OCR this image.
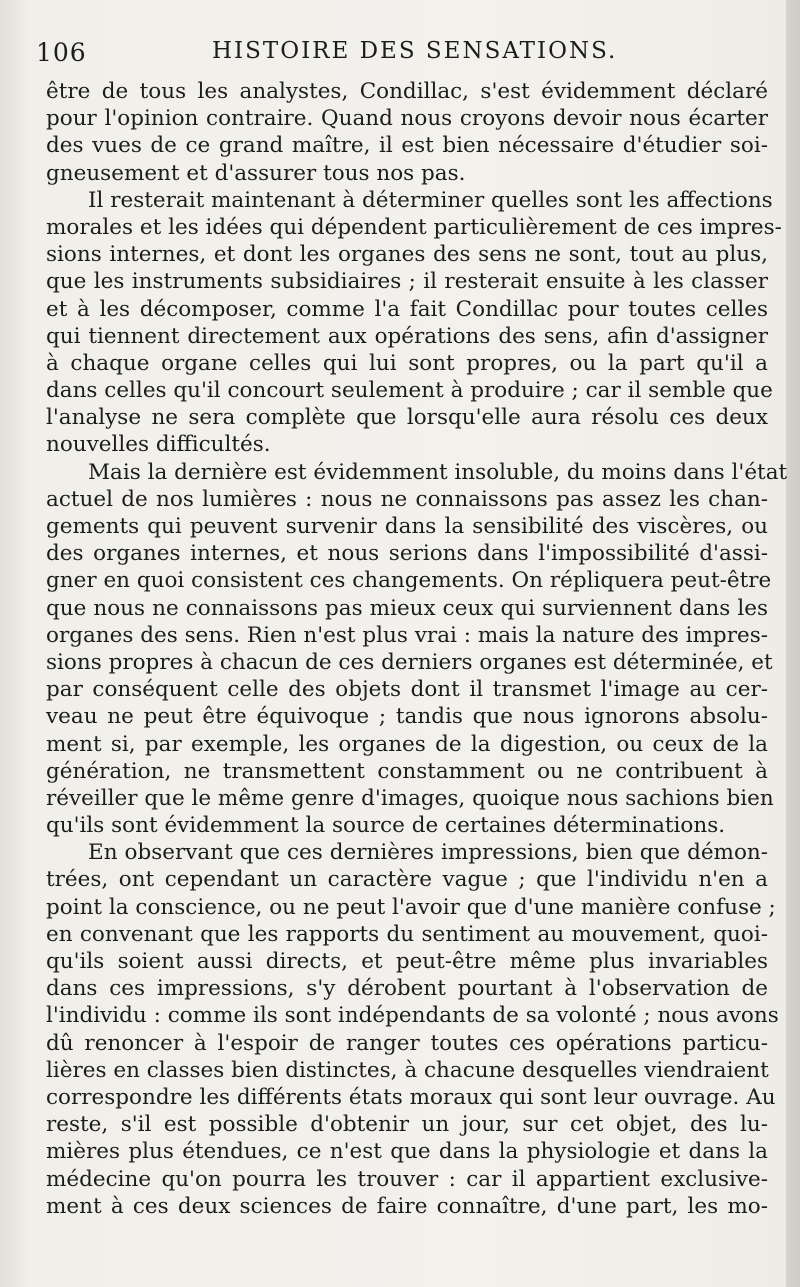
106	HISTOIRE DES SENSATIONS.
être de tous les analystes, Condillac, s'est évidemment déclaré
pour l'opinion contraire. Quand nous croyons devoir nous écarter
des vues de ce grand maître, il est bien nécessaire d'étudier soi-
gneusement et d'assurer tous nos pas.
Il resterait maintenant à déterminer quelles sont les affections
morales et les idées qui dépendent particulièrement de ces impres-
sions internes, et dont les organes des sens ne sont, tout au plus,
que les instruments subsidiaires ; il resterait ensuite à les classer
et à les décomposer, comme l'a fait Condillac pour toutes celles
qui tiennent directement aux opérations des sens, afin d'assigner
à chaque organe celles qui lui sont propres, ou la part qu'il a
dans celles qu'il concourt seulement à produire ; car il semble que
l'analyse ne sera complète que lorsqu'elle aura résolu ces deux
nouvelles difficultés.
Mais la dernière est évidemment insoluble, du moins dans l'état
actuel de nos lumières : nous ne connaissons pas assez les chan-
gements qui peuvent survenir dans la sensibilité des viscères, ou
des organes internes, et nous serions dans l'impossibilité d'assi-
gner en quoi consistent ces changements. On répliquera peut-être
que nous ne connaissons pas mieux ceux qui surviennent dans les
organes des sens. Rien n'est plus vrai : mais la nature des impres-
sions propres à chacun de ces derniers organes est déterminée, et
par conséquent celle des objets dont il transmet l'image au cer-
veau ne peut être équivoque ; tandis que nous ignorons absolu-
ment si, par exemple, les organes de la digestion, ou ceux de la
génération, ne transmettent constamment ou ne contribuent à
réveiller que le même genre d'images, quoique nous sachions bien
qu'ils sont évidemment la source de certaines déterminations.
En observant que ces dernières impressions, bien que démon-
trées, ont cependant un caractère vague ; que l'individu n'en a
point la conscience, ou ne peut l'avoir que d'une manière confuse ;
en convenant que les rapports du sentiment au mouvement, quoi-
qu'ils soient aussi directs, et peut-être même plus invariables
dans ces impressions, s'y dérobent pourtant à l'observation de
l'individu : comme ils sont indépendants de sa volonté ; nous avons
dû renoncer à l'espoir de ranger toutes ces opérations particu-
lières en classes bien distinctes, à chacune desquelles viendraient
correspondre les différents états moraux qui sont leur ouvrage. Au
reste, s'il est possible d'obtenir un jour, sur cet objet, des lu-
mières plus étendues, ce n'est que dans la physiologie et dans la
médecine qu'on pourra les trouver : car il appartient exclusive-
ment à ces deux sciences de faire connaître, d'une part, les mo-
